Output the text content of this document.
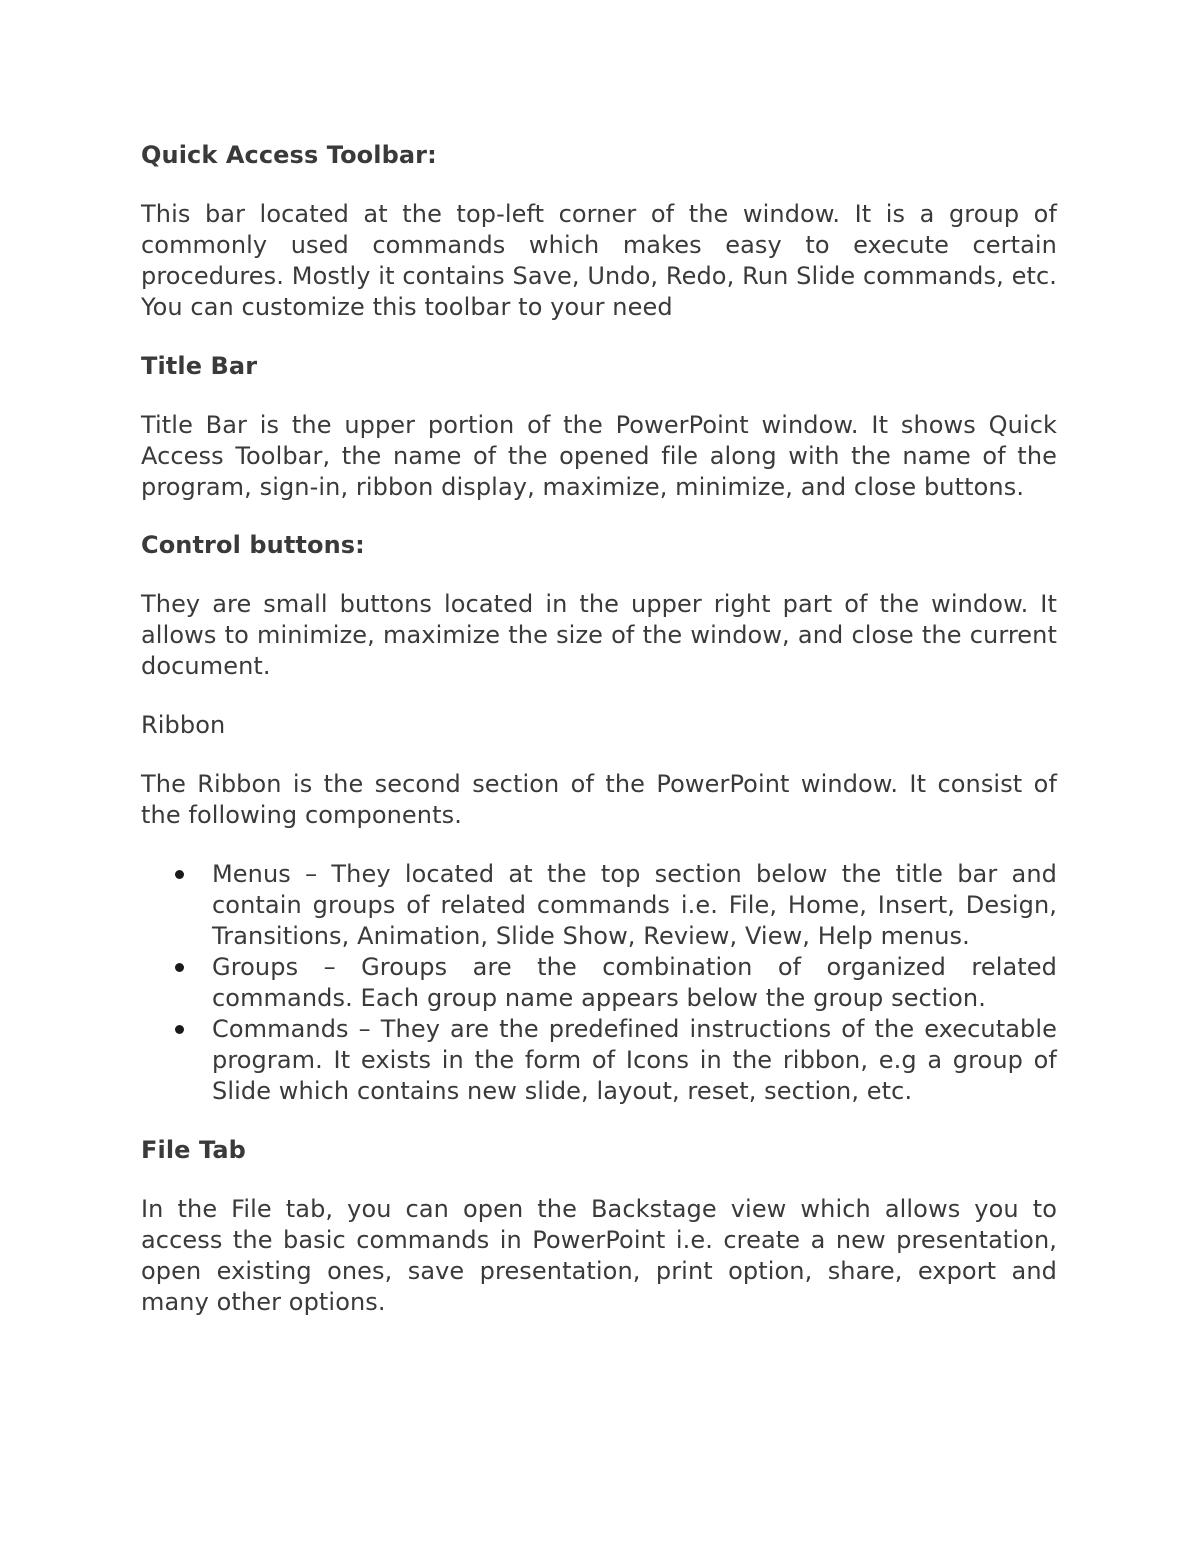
Quick Access Toolbar:

This bar located at the top-left corner of the window. It is a group of commonly used commands which makes easy to execute certain procedures. Mostly it contains Save, Undo, Redo, Run Slide commands, etc. You can customize this toolbar to your need

Title Bar

Title Bar is the upper portion of the PowerPoint window. It shows Quick Access Toolbar, the name of the opened file along with the name of the program, sign-in, ribbon display, maximize, minimize, and close buttons.

Control buttons:

They are small buttons located in the upper right part of the window. It allows to minimize, maximize the size of the window, and close the current document.

Ribbon

The Ribbon is the second section of the PowerPoint window. It consist of the following components.

Menus – They located at the top section below the title bar and contain groups of related commands i.e. File, Home, Insert, Design, Transitions, Animation, Slide Show, Review, View, Help menus.
Groups – Groups are the combination of organized related commands. Each group name appears below the group section.
Commands – They are the predefined instructions of the executable program. It exists in the form of Icons in the ribbon, e.g a group of Slide which contains new slide, layout, reset, section, etc.

File Tab

In the File tab, you can open the Backstage view which allows you to access the basic commands in PowerPoint i.e. create a new presentation, open existing ones, save presentation, print option, share, export and many other options.
